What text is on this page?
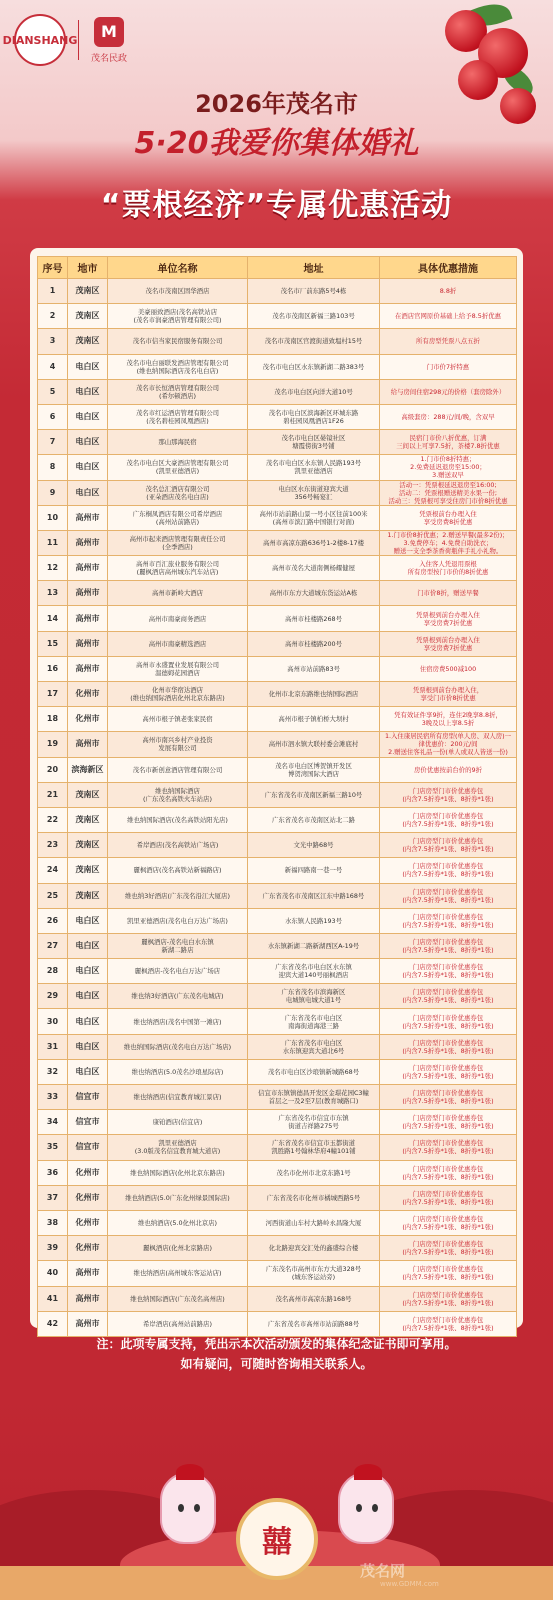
DIANSHANG	M
茂名民政
2026年茂名市
5·20我爱你集体婚礼
“票根经济”专属优惠活动
序号	地市	单位名称	地址	具体优惠措施
1	茂南区	茂名市茂南区固华酒店	茂名市厂前东路5号4栋	8.8折
2	茂南区	美豪丽致酒店(茂名高铁站店
(茂名市润豪酒店管理有限公司)	茂名市茂南区新福三路103号	在酒店官网原价基础上给予8.5折优惠
3	茂南区	茂名市信当家民宿服务有限公司	茂名市茂南区官渡街道致塭村15号	所有房型凭票八点五折
4	电白区	茂名市电白丽联发酒店管理有限公司
(维也纳国际酒店茂名电白店)	茂名市电白区水东镇新湖二路383号	门市价7折特惠
5	电白区	茂名市长恒酒店管理有限公司
(希尔顿酒店)	茂名市电白区向洋大道10号	给与房间住宿298元的价格（套房除外）
6	电白区	茂名市红运酒店管理有限公司
(茂名碧桂园凤凰酒店)	茂名市电白区滨海新区环城东路
碧桂园凤凰酒店1F26	高级套房：288元/间/晚，含双早
7	电白区	那山那海民宿	茂名市电白区晏镜社区
塘霞傍街3号铺	民宿门市价八折优惠，订满
三间以上可享7.5折，茶楼7.8折优惠
8	电白区	茂名市电白区大豪酒店管理有限公司
(凯里亚德酒店)	茂名市电白区水东镇人民路193号
凯里亚德酒店	1.门市价8折特惠；
2.免费延迟退房至15:00；
3.赠送双早
9	电白区	茂名总汇酒店有限公司
(亚朵酒店茂名电白店)	电白区水东街道迎宾大道
356号畅宴汇	活动一：凭票根延迟退房至16:00;
活动二：凭票根赠送精美水果一份;
活动三：凭票根可享受住房门市价8折优惠
10	高州市	广东桐凤酒店有限公司希岸酒店
(高州站前路店)	高州市站前路山景一号小区往前100米
(高州市滨江路中国银行对面)	凭票根前台办理入住
享受房费8折优惠
11	高州市	高州市起来酒店管理有限责任公司
(全季酒店)	高州市高凉东路636号1-2楼8-17楼	1.门市价8折优惠；2.赠送早餐(最多2份)；
3.免费停车；4.免费自助洗衣；
赠送一支全季茶香荷瓶伴手礼小礼物。
12	高州市	高州市百汇旅业服务有限公司
(麗枫酒店高州城东汽车站店)	高州市茂名大道南侧杨耀健屋	入住客人凭退用票根
所有房型按门市价的8折优惠
13	高州市	高州市新岭大酒店	高州市东方大道城东货运站A栋	门市价8折，赠送早餐
14	高州市	高州市南豪商务酒店	高州市桂楼路268号	凭票根到前台办理入住
享受房费7折优惠
15	高州市	高州市南豪精选酒店	高州市桂楼路200号	凭票根到前台办理入住
享受房费7折优惠
16	高州市	高州市永盛置业发展有限公司
温德姆花园酒店	高州市站前路83号	住宿房费500减100
17	化州市	化州市华宿达酒店
(维也纳国际酒店化州北京东路店)	化州市北京东路维也纳国际酒店	凭票根到前台办理入住，
享受门市价8折优惠
18	化州市	高州市根子镇老张家民宿	高州市根子镇柏桥大坝村	凭有效证件享9折，连住2晚享8.8折，
3晚及以上享8.5折
19	高州市	高州市南兴乡村产业投资
发展有限公司	高州市泗水镇大联村委会滩底村	1.入住康居民宿所有房型(单人房、双人房)一律优惠价：200元/间
2.赠送住客礼品一份(单人或双人皆送一份)
20	滨海新区	茂名市新创意酒店管理有限公司	茂名市电白区博贺镇开发区
博贺湾国际大酒店	房价优惠按前台价的9折
21	茂南区	维也纳国际酒店
(广东茂名高铁火车站店)	广东省茂名市茂南区新福三路10号	门店房型门市价优惠券包
(内含7.5折券*1张、8折券*1张)
22	茂南区	维也纳国际酒店(茂名高铁站阳光店)	广东省茂名市茂南区站北二路	门店房型门市价优惠券包
(内含7.5折券*1张、8折券*1张)
23	茂南区	希岸酒店(茂名高铁站广场店)	文光中路68号	门店房型门市价优惠券包
(内含7.5折券*1张、8折券*1张)
24	茂南区	麗枫酒店(茂名高铁站新福路店)	新福四路南一巷一号	门店房型门市价优惠券包
(内含7.5折券*1张、8折券*1张)
25	茂南区	维也纳3好酒店(广东茂名沿江大厦店)	广东省茂名市茂南区江东中路168号	门店房型门市价优惠券包
(内含7.5折券*1张、8折券*1张)
26	电白区	凯里亚德酒店(茂名电白万达广场店)	水东镇人民路193号	门店房型门市价优惠券包
(内含7.5折券*1张、8折券*1张)
27	电白区	麗枫酒店-茂名电白水东镇
新湖二路店	水东镇新湖二路新湖西区A-19号	门店房型门市价优惠券包
(内含7.5折券*1张、8折券*1张)
28	电白区	麗枫酒店-茂名电白万达广场店	广东省茂名市电白区水东镇
迎宾大道140号丽枫酒店	门店房型门市价优惠券包
(内含7.5折券*1张、8折券*1张)
29	电白区	维也纳3好酒店(广东茂名电城店)	广东省茂名市滨海新区
电城镇电城大道1号	门店房型门市价优惠券包
(内含7.5折券*1张、8折券*1张)
30	电白区	维也纳酒店(茂名中国第一滩店)	广东省茂名市电白区
南海街道海港三路	门店房型门市价优惠券包
(内含7.5折券*1张、8折券*1张)
31	电白区	维也纳国际酒店(茂名电白万达广场店)	广东省茂名市电白区
水东镇迎宾大道北6号	门店房型门市价优惠券包
(内含7.5折券*1张、8折券*1张)
32	电白区	维也纳酒店(5.0茂名沙琅星际店)	茂名市电白区沙琅镇新城路68号	门店房型门市价优惠券包
(内含7.5折券*1张、8折券*1张)
33	信宜市	维也纳酒店(信宜教育城江景店)	信宜市东镇镇德昌开发区金璟花园C3幢
首层之一及2至7层(教育城路口)	门店房型门市价优惠券包
(内含7.5折券*1张、8折券*1张)
34	信宜市	康铂酒店(信宜店)	广东省茂名市信宜市东镇
街道吉祥路275号	门店房型门市价优惠券包
(内含7.5折券*1张、8折券*1张)
35	信宜市	凯里亚德酒店
(3.0版茂名信宜教育城大道店)	广东省茂名市信宜市玉都街道
凯胜路1号翰林华府4幢101铺	门店房型门市价优惠券包
(内含7.5折券*1张、8折券*1张)
36	化州市	维也纳国际酒店(化州北京东路店)	茂名市化州市北京东路1号	门店房型门市价优惠券包
(内含7.5折券*1张、8折券*1张)
37	化州市	维也纳酒店(5.0广东化州绿景国际店)	广东省茂名市化州市橘城西路5号	门店房型门市价优惠券包
(内含7.5折券*1张、8折券*1张)
38	化州市	维也纳酒店(5.0化州北京店)	河西街道山车村大路岭永昌隆大厦	门店房型门市价优惠券包
(内含7.5折券*1张、8折券*1张)
39	化州市	麗枫酒店(化州北京路店)	化北路迎宾交汇处的鑫盛综合楼	门店房型门市价优惠券包
(内含7.5折券*1张、8折券*1张)
40	高州市	维也纳酒店(高州城东客运站店)	广东茂名市高州市东方大道328号
(城东客运站旁)	门店房型门市价优惠券包
(内含7.5折券*1张、8折券*1张)
41	高州市	维也纳国际酒店(广东茂名高州店)	茂名高州市高凉东路168号	门店房型门市价优惠券包
(内含7.5折券*1张、8折券*1张)
42	高州市	希岸酒店(高州站前路店)	广东省茂名市高州市站前路88号	门店房型门市价优惠券包
(内含7.5折券*1张、8折券*1张)
注：此项专属支持，凭出示本次活动颁发的集体纪念证书即可享用。
如有疑问，可随时咨询相关联系人。
囍
茂名网
www.GDMM.com
